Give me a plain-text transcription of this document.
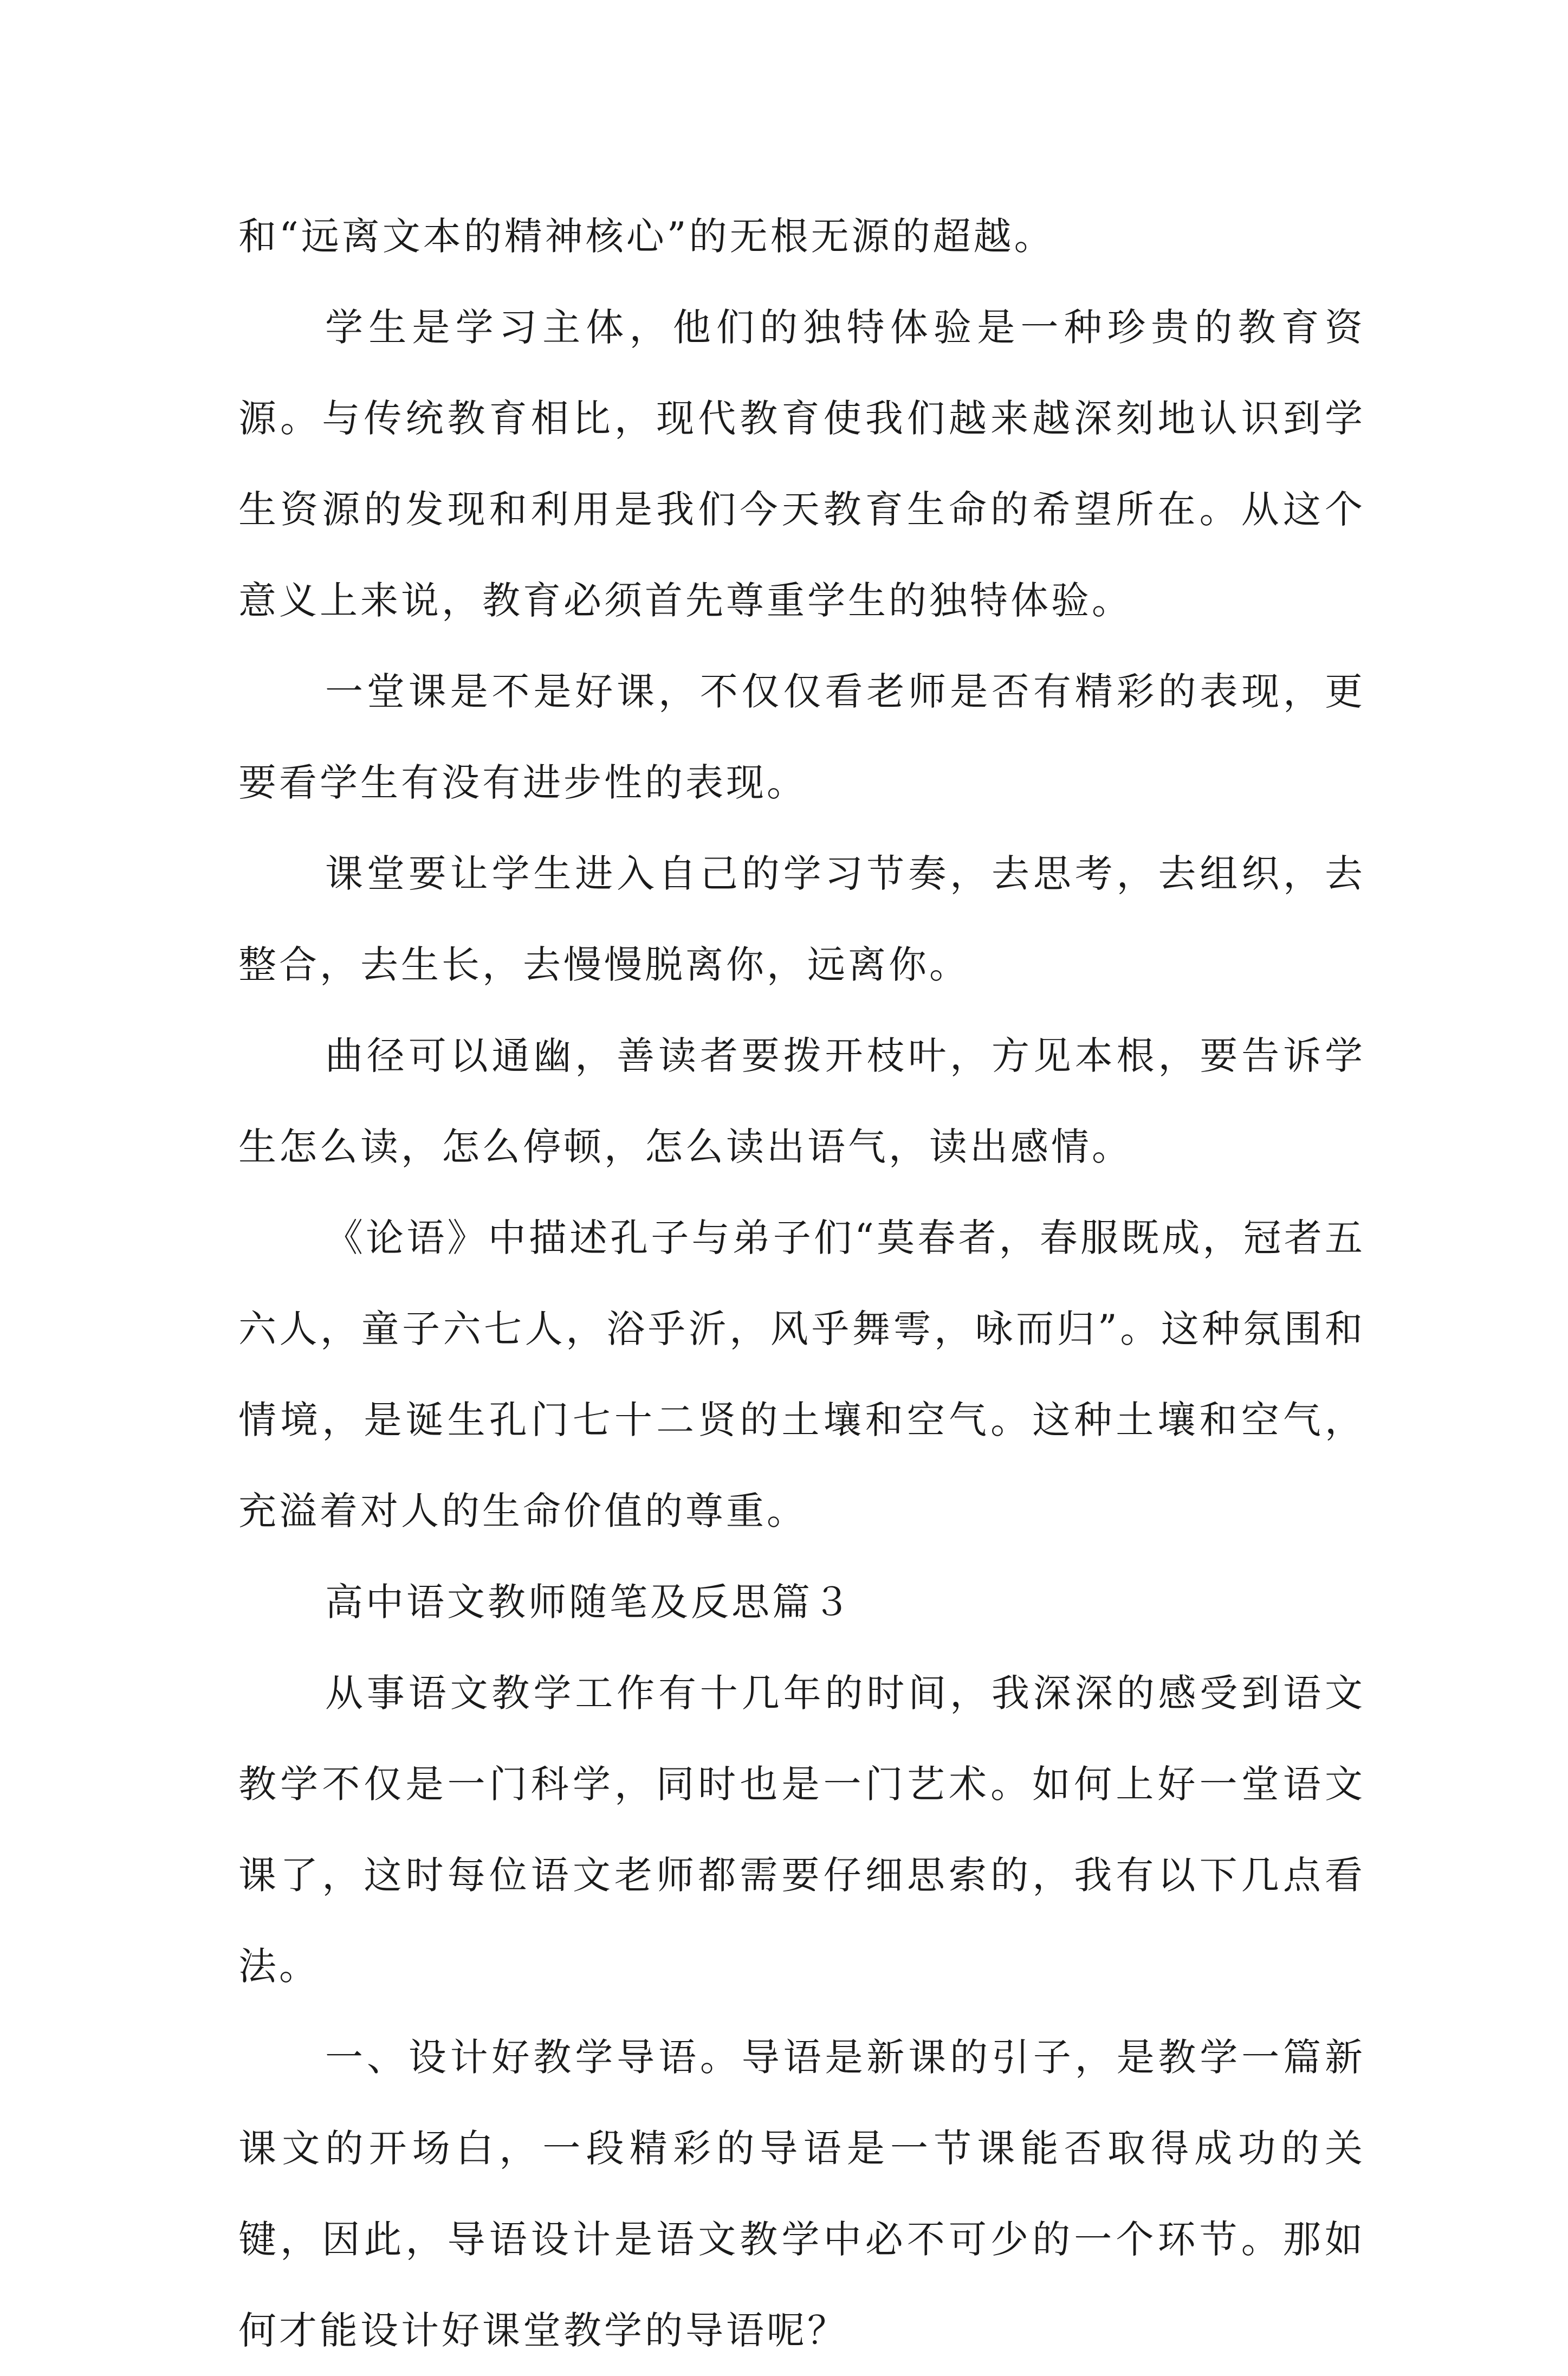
和“远离文本的精神核心”的无根无源的超越。

学生是学习主体，他们的独特体验是一种珍贵的教育资源。与传统教育相比，现代教育使我们越来越深刻地认识到学生资源的发现和利用是我们今天教育生命的希望所在。从这个意义上来说，教育必须首先尊重学生的独特体验。

一堂课是不是好课，不仅仅看老师是否有精彩的表现，更要看学生有没有进步性的表现。

课堂要让学生进入自己的学习节奏，去思考，去组织，去整合，去生长，去慢慢脱离你，远离你。

曲径可以通幽，善读者要拨开枝叶，方见本根，要告诉学生怎么读，怎么停顿，怎么读出语气，读出感情。

《论语》中描述孔子与弟子们“莫春者，春服既成，冠者五六人，童子六七人，浴乎沂，风乎舞雩，咏而归”。这种氛围和情境，是诞生孔门七十二贤的土壤和空气。这种土壤和空气，充溢着对人的生命价值的尊重。

高中语文教师随笔及反思篇３

从事语文教学工作有十几年的时间，我深深的感受到语文教学不仅是一门科学，同时也是一门艺术。如何上好一堂语文课了，这时每位语文老师都需要仔细思索的，我有以下几点看法。

一、设计好教学导语。导语是新课的引子，是教学一篇新课文的开场白，一段精彩的导语是一节课能否取得成功的关键，因此，导语设计是语文教学中必不可少的一个环节。那如何才能设计好课堂教学的导语呢？
